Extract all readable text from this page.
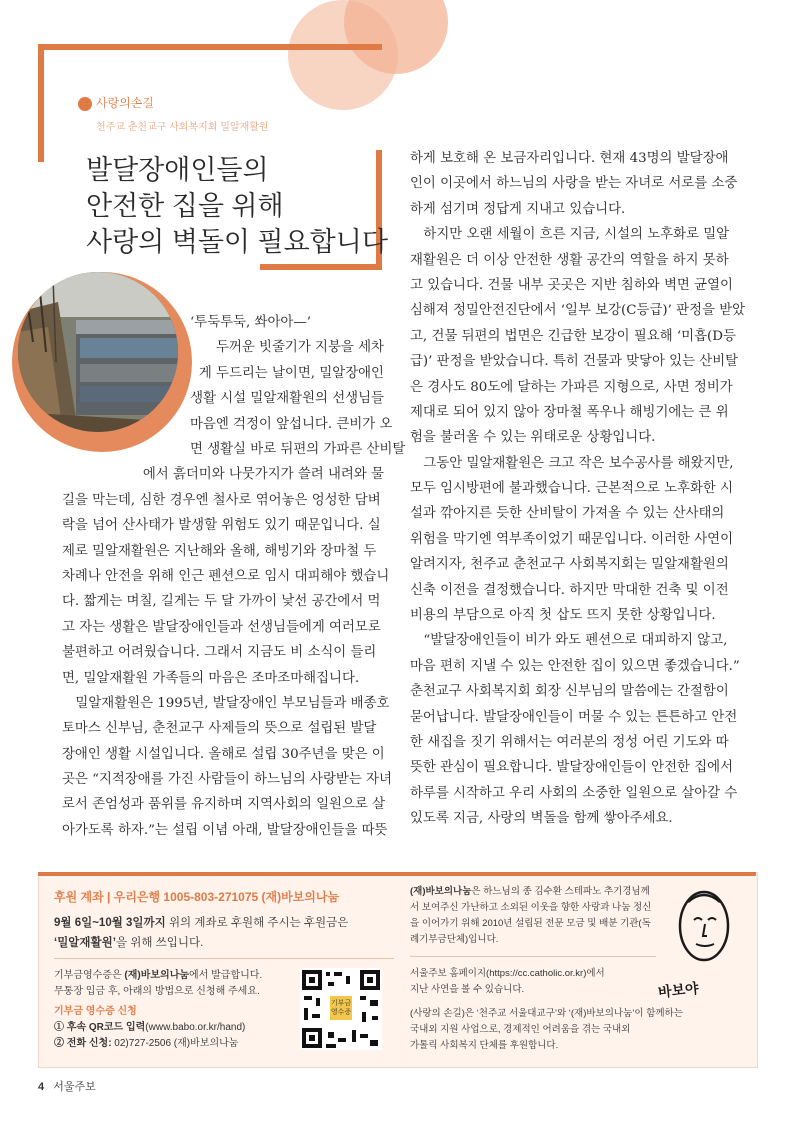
사랑의손길
천주교 춘천교구 사회복지회 밀알재활원
발달장애인들의
안전한 집을 위해
사랑의 벽돌이 필요합니다
‘투둑투둑, 쏴아아—’
두꺼운 빗줄기가 지붕을 세차
게 두드리는 날이면, 밀알장애인
생활 시설 밀알재활원의 선생님들
마음엔 걱정이 앞섭니다. 큰비가 오
면 생활실 바로 뒤편의 가파른 산비탈
에서 흙더미와 나뭇가지가 쓸려 내려와 물
길을 막는데, 심한 경우엔 철사로 엮어놓은 엉성한 담벼
락을 넘어 산사태가 발생할 위험도 있기 때문입니다. 실
제로 밀알재활원은 지난해와 올해, 해빙기와 장마철 두
차례나 안전을 위해 인근 펜션으로 임시 대피해야 했습니
다. 짧게는 며칠, 길게는 두 달 가까이 낯선 공간에서 먹
고 자는 생활은 발달장애인들과 선생님들에게 여러모로
불편하고 어려웠습니다. 그래서 지금도 비 소식이 들리
면, 밀알재활원 가족들의 마음은 조마조마해집니다.
밀알재활원은 1995년, 발달장애인 부모님들과 배종호
토마스 신부님, 춘천교구 사제들의 뜻으로 설립된 발달
장애인 생활 시설입니다. 올해로 설립 30주년을 맞은 이
곳은 “지적장애를 가진 사람들이 하느님의 사랑받는 자녀
로서 존엄성과 품위를 유지하며 지역사회의 일원으로 살
아가도록 하자.”는 설립 이념 아래, 발달장애인들을 따뜻
하게 보호해 온 보금자리입니다. 현재 43명의 발달장애
인이 이곳에서 하느님의 사랑을 받는 자녀로 서로를 소중
하게 섬기며 정답게 지내고 있습니다.
하지만 오랜 세월이 흐른 지금, 시설의 노후화로 밀알
재활원은 더 이상 안전한 생활 공간의 역할을 하지 못하
고 있습니다. 건물 내부 곳곳은 지반 침하와 벽면 균열이
심해져 정밀안전진단에서 ‘일부 보강(C등급)’ 판정을 받았
고, 건물 뒤편의 법면은 긴급한 보강이 필요해 ‘미흡(D등
급)’ 판정을 받았습니다. 특히 건물과 맞닿아 있는 산비탈
은 경사도 80도에 달하는 가파른 지형으로, 사면 정비가
제대로 되어 있지 않아 장마철 폭우나 해빙기에는 큰 위
험을 불러올 수 있는 위태로운 상황입니다.
그동안 밀알재활원은 크고 작은 보수공사를 해왔지만,
모두 임시방편에 불과했습니다. 근본적으로 노후화한 시
설과 깎아지른 듯한 산비탈이 가져올 수 있는 산사태의
위험을 막기엔 역부족이었기 때문입니다. 이러한 사연이
알려지자, 천주교 춘천교구 사회복지회는 밀알재활원의
신축 이전을 결정했습니다. 하지만 막대한 건축 및 이전
비용의 부담으로 아직 첫 삽도 뜨지 못한 상황입니다.
“발달장애인들이 비가 와도 펜션으로 대피하지 않고,
마음 편히 지낼 수 있는 안전한 집이 있으면 좋겠습니다.”
춘천교구 사회복지회 회장 신부님의 말씀에는 간절함이
묻어납니다. 발달장애인들이 머물 수 있는 튼튼하고 안전
한 새집을 짓기 위해서는 여러분의 정성 어린 기도와 따
뜻한 관심이 필요합니다. 발달장애인들이 안전한 집에서
하루를 시작하고 우리 사회의 소중한 일원으로 살아갈 수
있도록 지금, 사랑의 벽돌을 함께 쌓아주세요.
후원 계좌 | 우리은행 1005-803-271075 (재)바보의나눔
9월 6일~10월 3일까지 위의 계좌로 후원해 주시는 후원금은
‘밀알재활원’을 위해 쓰입니다.
기부금영수증은 (재)바보의나눔에서 발급합니다.
무통장 입금 후, 아래의 방법으로 신청해 주세요.
기부금 영수증 신청
① 후속 QR코드 입력(www.babo.or.kr/hand)
② 전화 신청: 02)727-2506 (재)바보의나눔
기부금
영수증
(재)바보의나눔은 하느님의 종 김수환 스테파노 추기경님께
서 보여주신 가난하고 소외된 이웃을 향한 사랑과 나눔 정신
을 이어가기 위해 2010년 설립된 전문 모금 및 배분 기관(독
례기부금단체)입니다.
서울주보 홈페이지(https://cc.catholic.or.kr)에서
지난 사연을 볼 수 있습니다.
(사랑의 손길)은 ‘천주교 서울대교구’와 ‘(재)바보의나눔’이 함께하는
국내외 지원 사업으로, 경제적인 어려움을 겪는 국내외
가톨릭 사회복지 단체를 후원합니다.
바보야
4 서울주보
